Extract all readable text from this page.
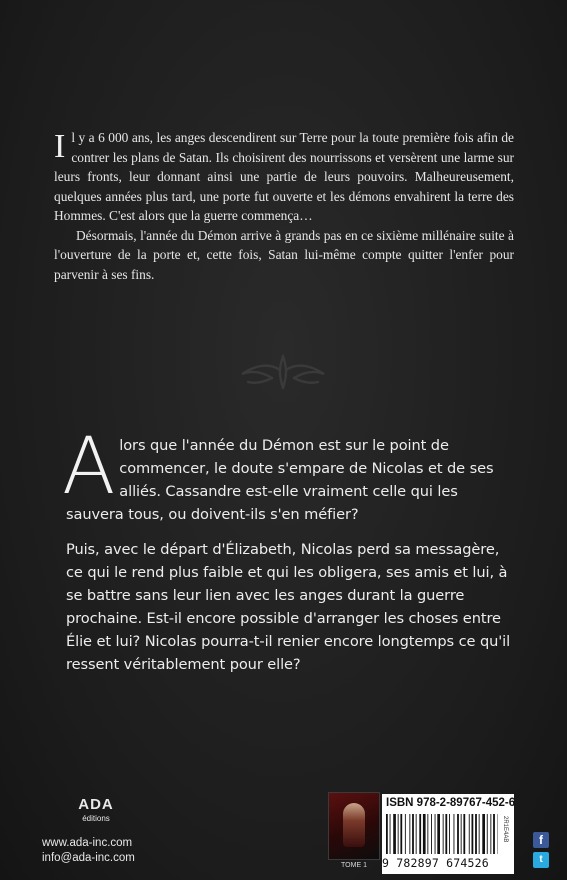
Il y a 6 000 ans, les anges descendirent sur Terre pour la toute première fois afin de contrer les plans de Satan. Ils choisirent des nourrissons et versèrent une larme sur leurs fronts, leur donnant ainsi une partie de leurs pouvoirs. Malheureusement, quelques années plus tard, une porte fut ouverte et les démons envahirent la terre des Hommes. C'est alors que la guerre commença…

Désormais, l'année du Démon arrive à grands pas en ce sixième millénaire suite à l'ouverture de la porte et, cette fois, Satan lui-même compte quitter l'enfer pour parvenir à ses fins.

Alors que l'année du Démon est sur le point de commencer, le doute s'empare de Nicolas et de ses alliés. Cassandre est-elle vraiment celle qui les sauvera tous, ou doivent-ils s'en méfier?

Puis, avec le départ d'Élizabeth, Nicolas perd sa messagère, ce qui le rend plus faible et qui les obligera, ses amis et lui, à se battre sans leur lien avec les anges durant la guerre prochaine. Est-il encore possible d'arranger les choses entre Élie et lui? Nicolas pourra-t-il renier encore longtemps ce qu'il ressent véritablement pour elle?

ADA
éditions
www.ada-inc.com
info@ada-inc.com
TOME 1
ISBN 978-2-89767-452-6
2R1E4AB
9 782897 674526
f
t
